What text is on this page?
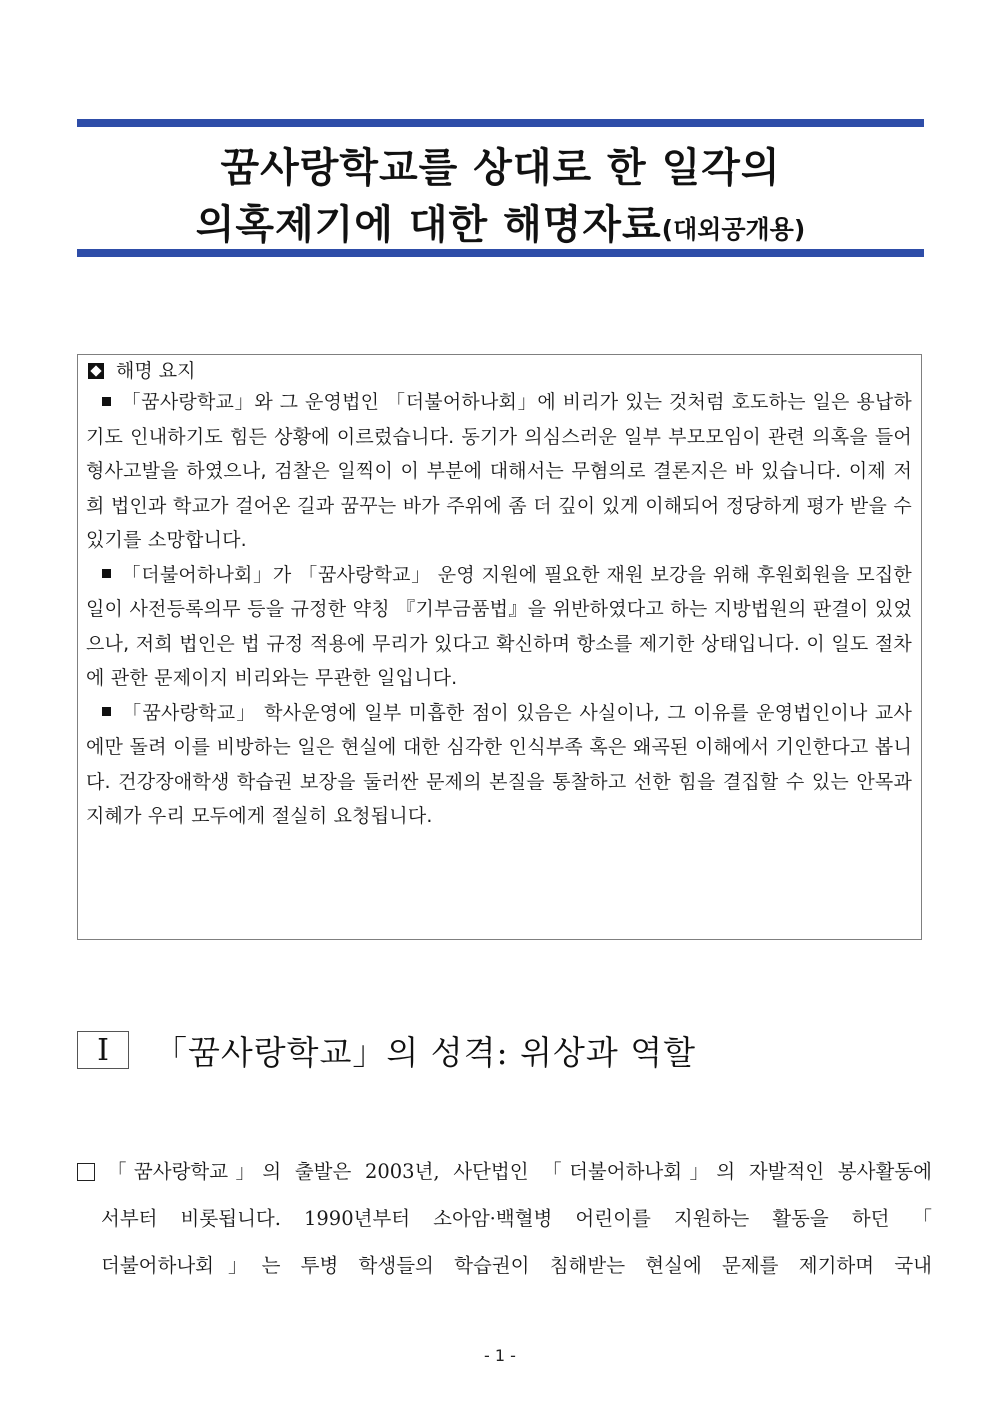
꿈사랑학교를 상대로 한 일각의
의혹제기에 대한 해명자료(대외공개용)
해명 요지
「꿈사랑학교」와 그 운영법인 「더불어하나회」에 비리가 있는 것처럼 호도하는 일은 용납하기도 인내하기도 힘든 상황에 이르렀습니다. 동기가 의심스러운 일부 부모모임이 관련 의혹을 들어 형사고발을 하였으나, 검찰은 일찍이 이 부분에 대해서는 무혐의로 결론지은 바 있습니다. 이제 저희 법인과 학교가 걸어온 길과 꿈꾸는 바가 주위에 좀 더 깊이 있게 이해되어 정당하게 평가 받을 수 있기를 소망합니다.
「더불어하나회」가 「꿈사랑학교」 운영 지원에 필요한 재원 보강을 위해 후원회원을 모집한 일이 사전등록의무 등을 규정한 약칭 『기부금품법』을 위반하였다고 하는 지방법원의 판결이 있었으나, 저희 법인은 법 규정 적용에 무리가 있다고 확신하며 항소를 제기한 상태입니다. 이 일도 절차에 관한 문제이지 비리와는 무관한 일입니다.
「꿈사랑학교」 학사운영에 일부 미흡한 점이 있음은 사실이나, 그 이유를 운영법인이나 교사에만 돌려 이를 비방하는 일은 현실에 대한 심각한 인식부족 혹은 왜곡된 이해에서 기인한다고 봅니다. 건강장애학생 학습권 보장을 둘러싼 문제의 본질을 통찰하고 선한 힘을 결집할 수 있는 안목과 지혜가 우리 모두에게 절실히 요청됩니다.
Ⅰ	「꿈사랑학교」의 성격: 위상과 역할
「꿈사랑학교」의 출발은 2003년, 사단법인 「더불어하나회」의 자발적인 봉사활동에
서부터 비롯됩니다. 1990년부터 소아암·백혈병 어린이를 지원하는 활동을 하던 「
더불어하나회」는 투병 학생들의 학습권이 침해받는 현실에 문제를 제기하며 국내
- 1 -
